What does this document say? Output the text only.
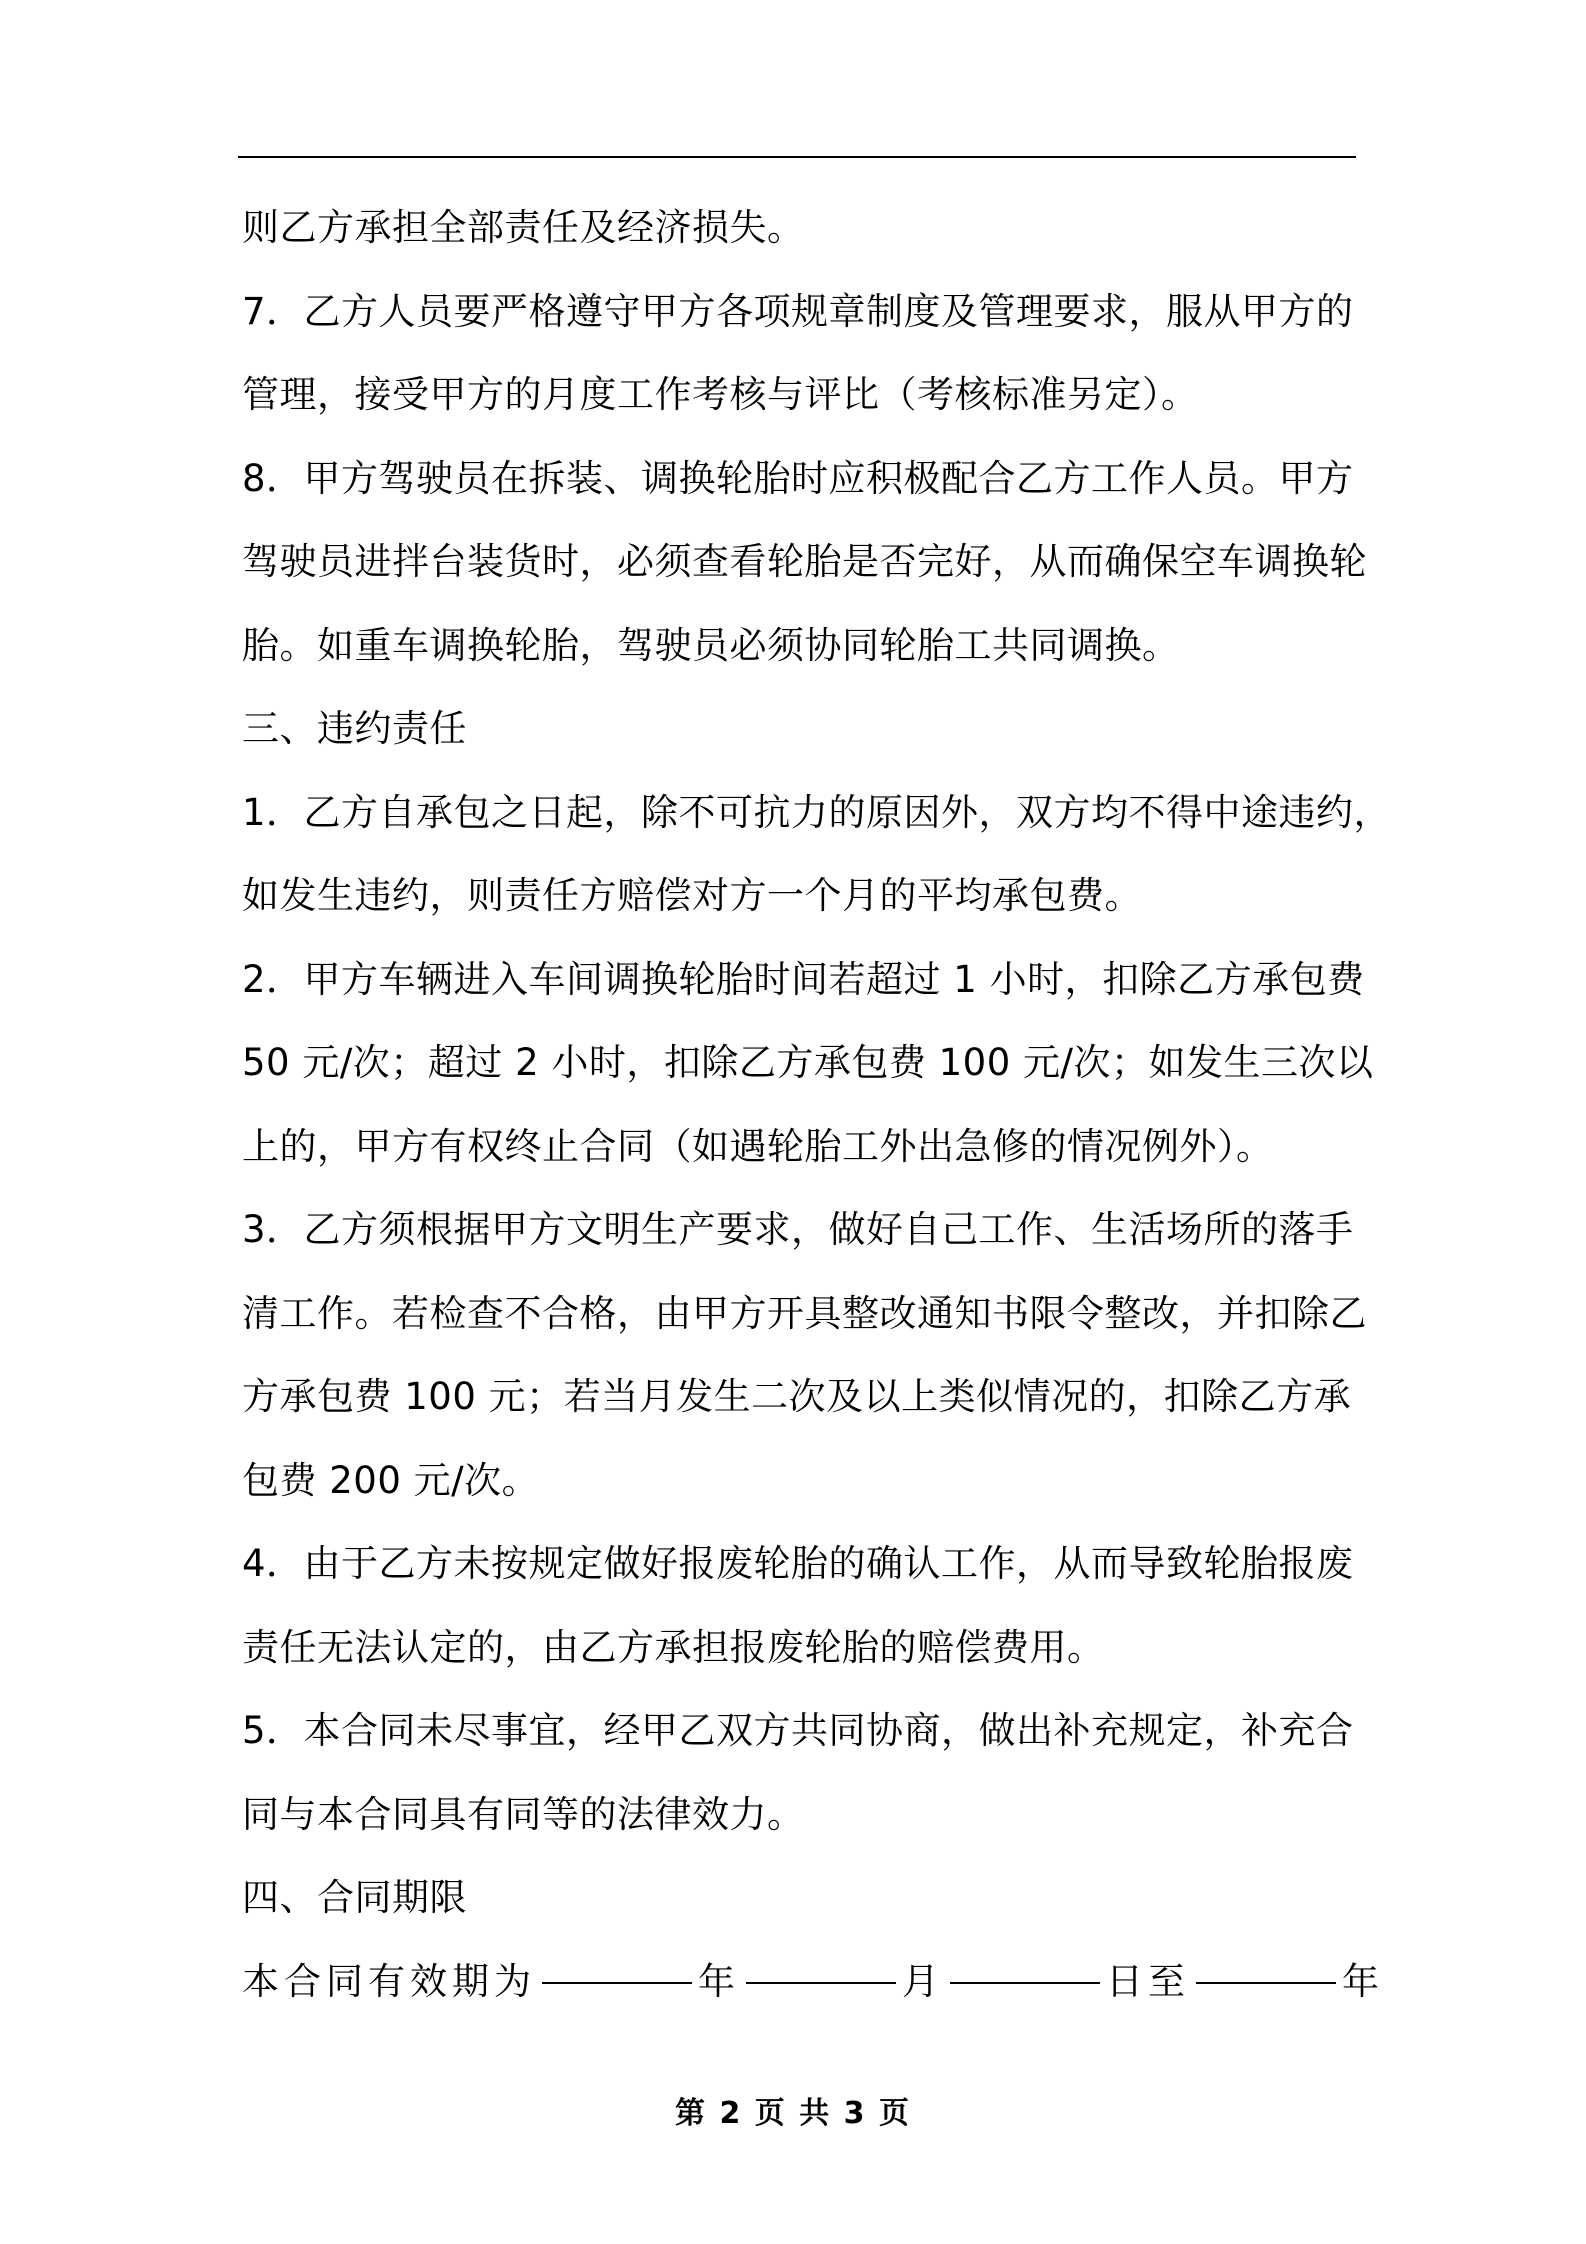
则乙方承担全部责任及经济损失。
7．乙方人员要严格遵守甲方各项规章制度及管理要求，服从甲方的
管理，接受甲方的月度工作考核与评比（考核标准另定）。
8．甲方驾驶员在拆装、调换轮胎时应积极配合乙方工作人员。甲方
驾驶员进拌台装货时，必须查看轮胎是否完好，从而确保空车调换轮
胎。如重车调换轮胎，驾驶员必须协同轮胎工共同调换。
三、违约责任
1．乙方自承包之日起，除不可抗力的原因外，双方均不得中途违约，
如发生违约，则责任方赔偿对方一个月的平均承包费。
2．甲方车辆进入车间调换轮胎时间若超过 1 小时，扣除乙方承包费
50 元/次；超过 2 小时，扣除乙方承包费 100 元/次；如发生三次以
上的，甲方有权终止合同（如遇轮胎工外出急修的情况例外）。
3．乙方须根据甲方文明生产要求，做好自己工作、生活场所的落手
清工作。若检查不合格，由甲方开具整改通知书限令整改，并扣除乙
方承包费 100 元；若当月发生二次及以上类似情况的，扣除乙方承
包费 200 元/次。
4．由于乙方未按规定做好报废轮胎的确认工作，从而导致轮胎报废
责任无法认定的，由乙方承担报废轮胎的赔偿费用。
5．本合同未尽事宜，经甲乙双方共同协商，做出补充规定，补充合
同与本合同具有同等的法律效力。
四、合同期限
本合同有效期为	年	月	日至	年
第 2 页 共 3 页
